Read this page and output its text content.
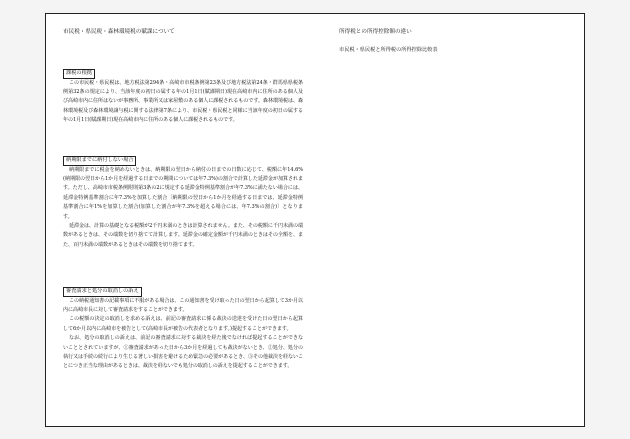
市民税・県民税・森林環境税の賦課について

課税の根拠

この市民税・県民税は、地方税法第294条・高崎市市税条例第23条及び地方税法第24条・群馬県県税条例第32条の規定により、当該年度の初日の属する年の1月1日(賦課期日)現在高崎市内に住所のある個人及び高崎市内に住所はないが事務所、事業所又は家屋敷のある個人に課税されるものです。森林環境税は、森林環境税及び森林環境譲与税に関する法律第7条により、市民税・県民税と同様に当該年度の初日の属する年の1月1日(賦課期日)現在高崎市内に住所のある個人に課税されるものです。

納期限までに納付しない場合

納期限までに税金を納めないときは、納期限の翌日から納付の日までの日数に応じて、税額に年14.6%(納期限の翌日から1か月を経過する日までの期間については年7.3%)の割合で計算した延滞金が加算されます。ただし、高崎市市税条例附則第3条の2に規定する延滞金特例基準割合が年7.3%に満たない場合には、延滞金特例基準割合に年7.3%を加算した割合〔納期限の翌日から1か月を経過する日までは、延滞金特例基準割合に年1%を加算した割合(加算した割合が年7.3%を超える場合には、年7.3%の割合)〕となります。

延滞金は、計算の基礎となる税額が2千円未満のときは計算されません。また、その税額に千円未満の端数があるときは、その端数を切り捨てて計算します。延滞金の確定金額が千円未満のときはその全額を、また、百円未満の端数があるときはその端数を切り捨てます。

審査請求と処分の取消しの訴え

この納税通知書の記載事項に不服がある場合は、この通知書を受け取った日の翌日から起算して3か月以内に高崎市長に対して審査請求をすることができます。

この税額の決定の取消しを求める訴えは、前記の審査請求に係る裁決の送達を受けた日の翌日から起算して6か月以内に高崎市を被告として(高崎市長が被告の代表者となります。)提起することができます。

なお、処分の取消しの訴えは、前記の審査請求に対する裁決を経た後でなければ提起することができないこととされていますが、①審査請求があった日から3か月を経過しても裁決がないとき、②処分、処分の執行又は手続の続行により生じる著しい損害を避けるため緊急の必要があるとき、③その他裁決を経ないことにつき正当な理由があるときは、裁決を経ないでも処分の取消しの訴えを提起することができます。

所得税との所得控除額の違い

市民税・県民税と所得税の所得控除比較表
